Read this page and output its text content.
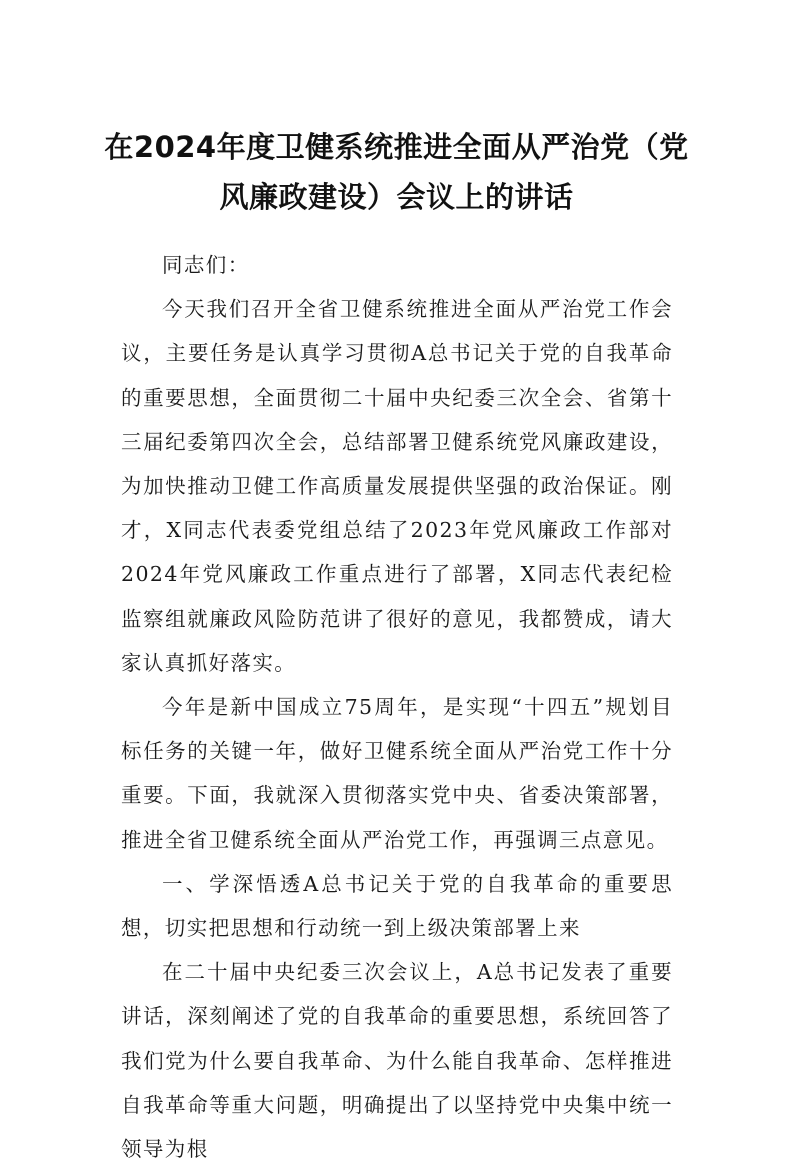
在2024年度卫健系统推进全面从严治党（党风廉政建设）会议上的讲话

同志们：

今天我们召开全省卫健系统推进全面从严治党工作会议，主要任务是认真学习贯彻A总书记关于党的自我革命的重要思想，全面贯彻二十届中央纪委三次全会、省第十三届纪委第四次全会，总结部署卫健系统党风廉政建设，为加快推动卫健工作高质量发展提供坚强的政治保证。刚才，X同志代表委党组总结了2023年党风廉政工作部对2024年党风廉政工作重点进行了部署，X同志代表纪检监察组就廉政风险防范讲了很好的意见，我都赞成，请大家认真抓好落实。

今年是新中国成立75周年，是实现“十四五”规划目标任务的关键一年，做好卫健系统全面从严治党工作十分重要。下面，我就深入贯彻落实党中央、省委决策部署，推进全省卫健系统全面从严治党工作，再强调三点意见。

一、学深悟透A总书记关于党的自我革命的重要思想，切实把思想和行动统一到上级决策部署上来

在二十届中央纪委三次会议上，A总书记发表了重要讲话，深刻阐述了党的自我革命的重要思想，系统回答了我们党为什么要自我革命、为什么能自我革命、怎样推进自我革命等重大问题，明确提出了以坚持党中央集中统一领导为根
